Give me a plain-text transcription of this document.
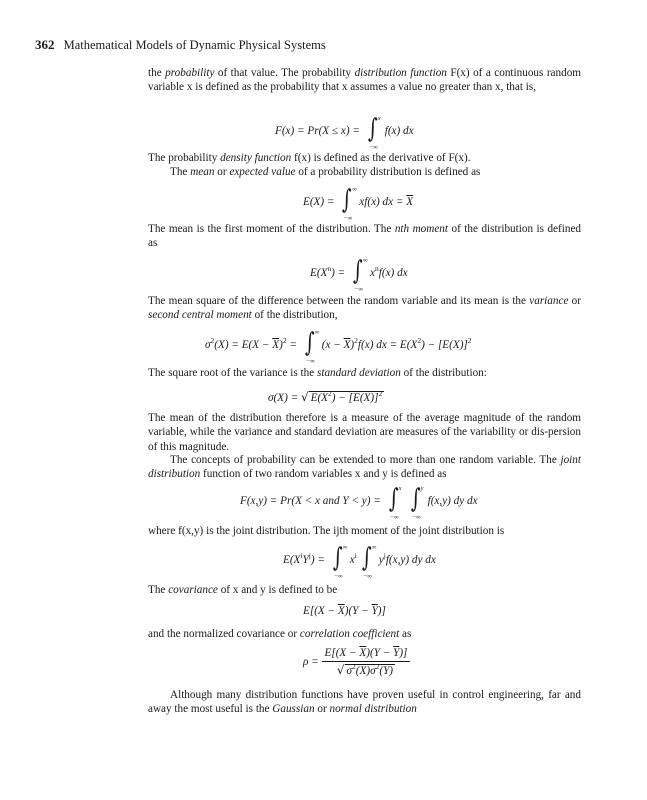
362 Mathematical Models of Dynamic Physical Systems
the probability of that value. The probability distribution function F(x) of a continuous random variable x is defined as the probability that x assumes a value no greater than x, that is,
F(x) = Pr(X ≤ x) = ∫ x
−∞
f(x) dx
The probability density function f(x) is defined as the derivative of F(x).
The mean or expected value of a probability distribution is defined as
E(X) = ∫ ∞
−∞
xf(x) dx = $\overline{X}$
The mean is the first moment of the distribution. The nth moment of the distribution is defined as
$E(X^n)$ = ∫ ∞
−∞
$x^nf(x)$ dx
The mean square of the difference between the random variable and its mean is the variance or second central moment of the distribution,
$\sigma^2(X) = E(X - \overline{X})^2$ = ∫ ∞
−∞
$(x - \overline{X})^2f(x)$ dx = $E(X^2) - [E(X)]^2$
The square root of the variance is the standard deviation of the distribution:
σ(X) = √ $E(X^2) - [E(X)]^2$
The mean of the distribution therefore is a measure of the average magnitude of the random variable, while the variance and standard deviation are measures of the variability or dis-persion of this magnitude.
The concepts of probability can be extended to more than one random variable. The joint distribution function of two random variables x and y is defined as
F(x,y) = Pr(X < x and Y < y) = ∫ x
−∞
∫ y
−∞
f(x,y) dy dx
where f(x,y) is the joint distribution. The ijth moment of the joint distribution is
$E(X^iY^j)$ = ∫ ∞
−∞
$x^i$ ∫ ∞
−∞
$y^jf(x,y)$ dy dx
The covariance of x and y is defined to be
$E[(X - \overline{X})(Y - \overline{Y})]$
and the normalized covariance or correlation coefficient as
$\rho = \frac{E[(X - \overline{X})(Y - \overline{Y})]}{√ \sigma^2(X)\sigma^2(Y)}$
Although many distribution functions have proven useful in control engineering, far and away the most useful is the Gaussian or normal distribution
